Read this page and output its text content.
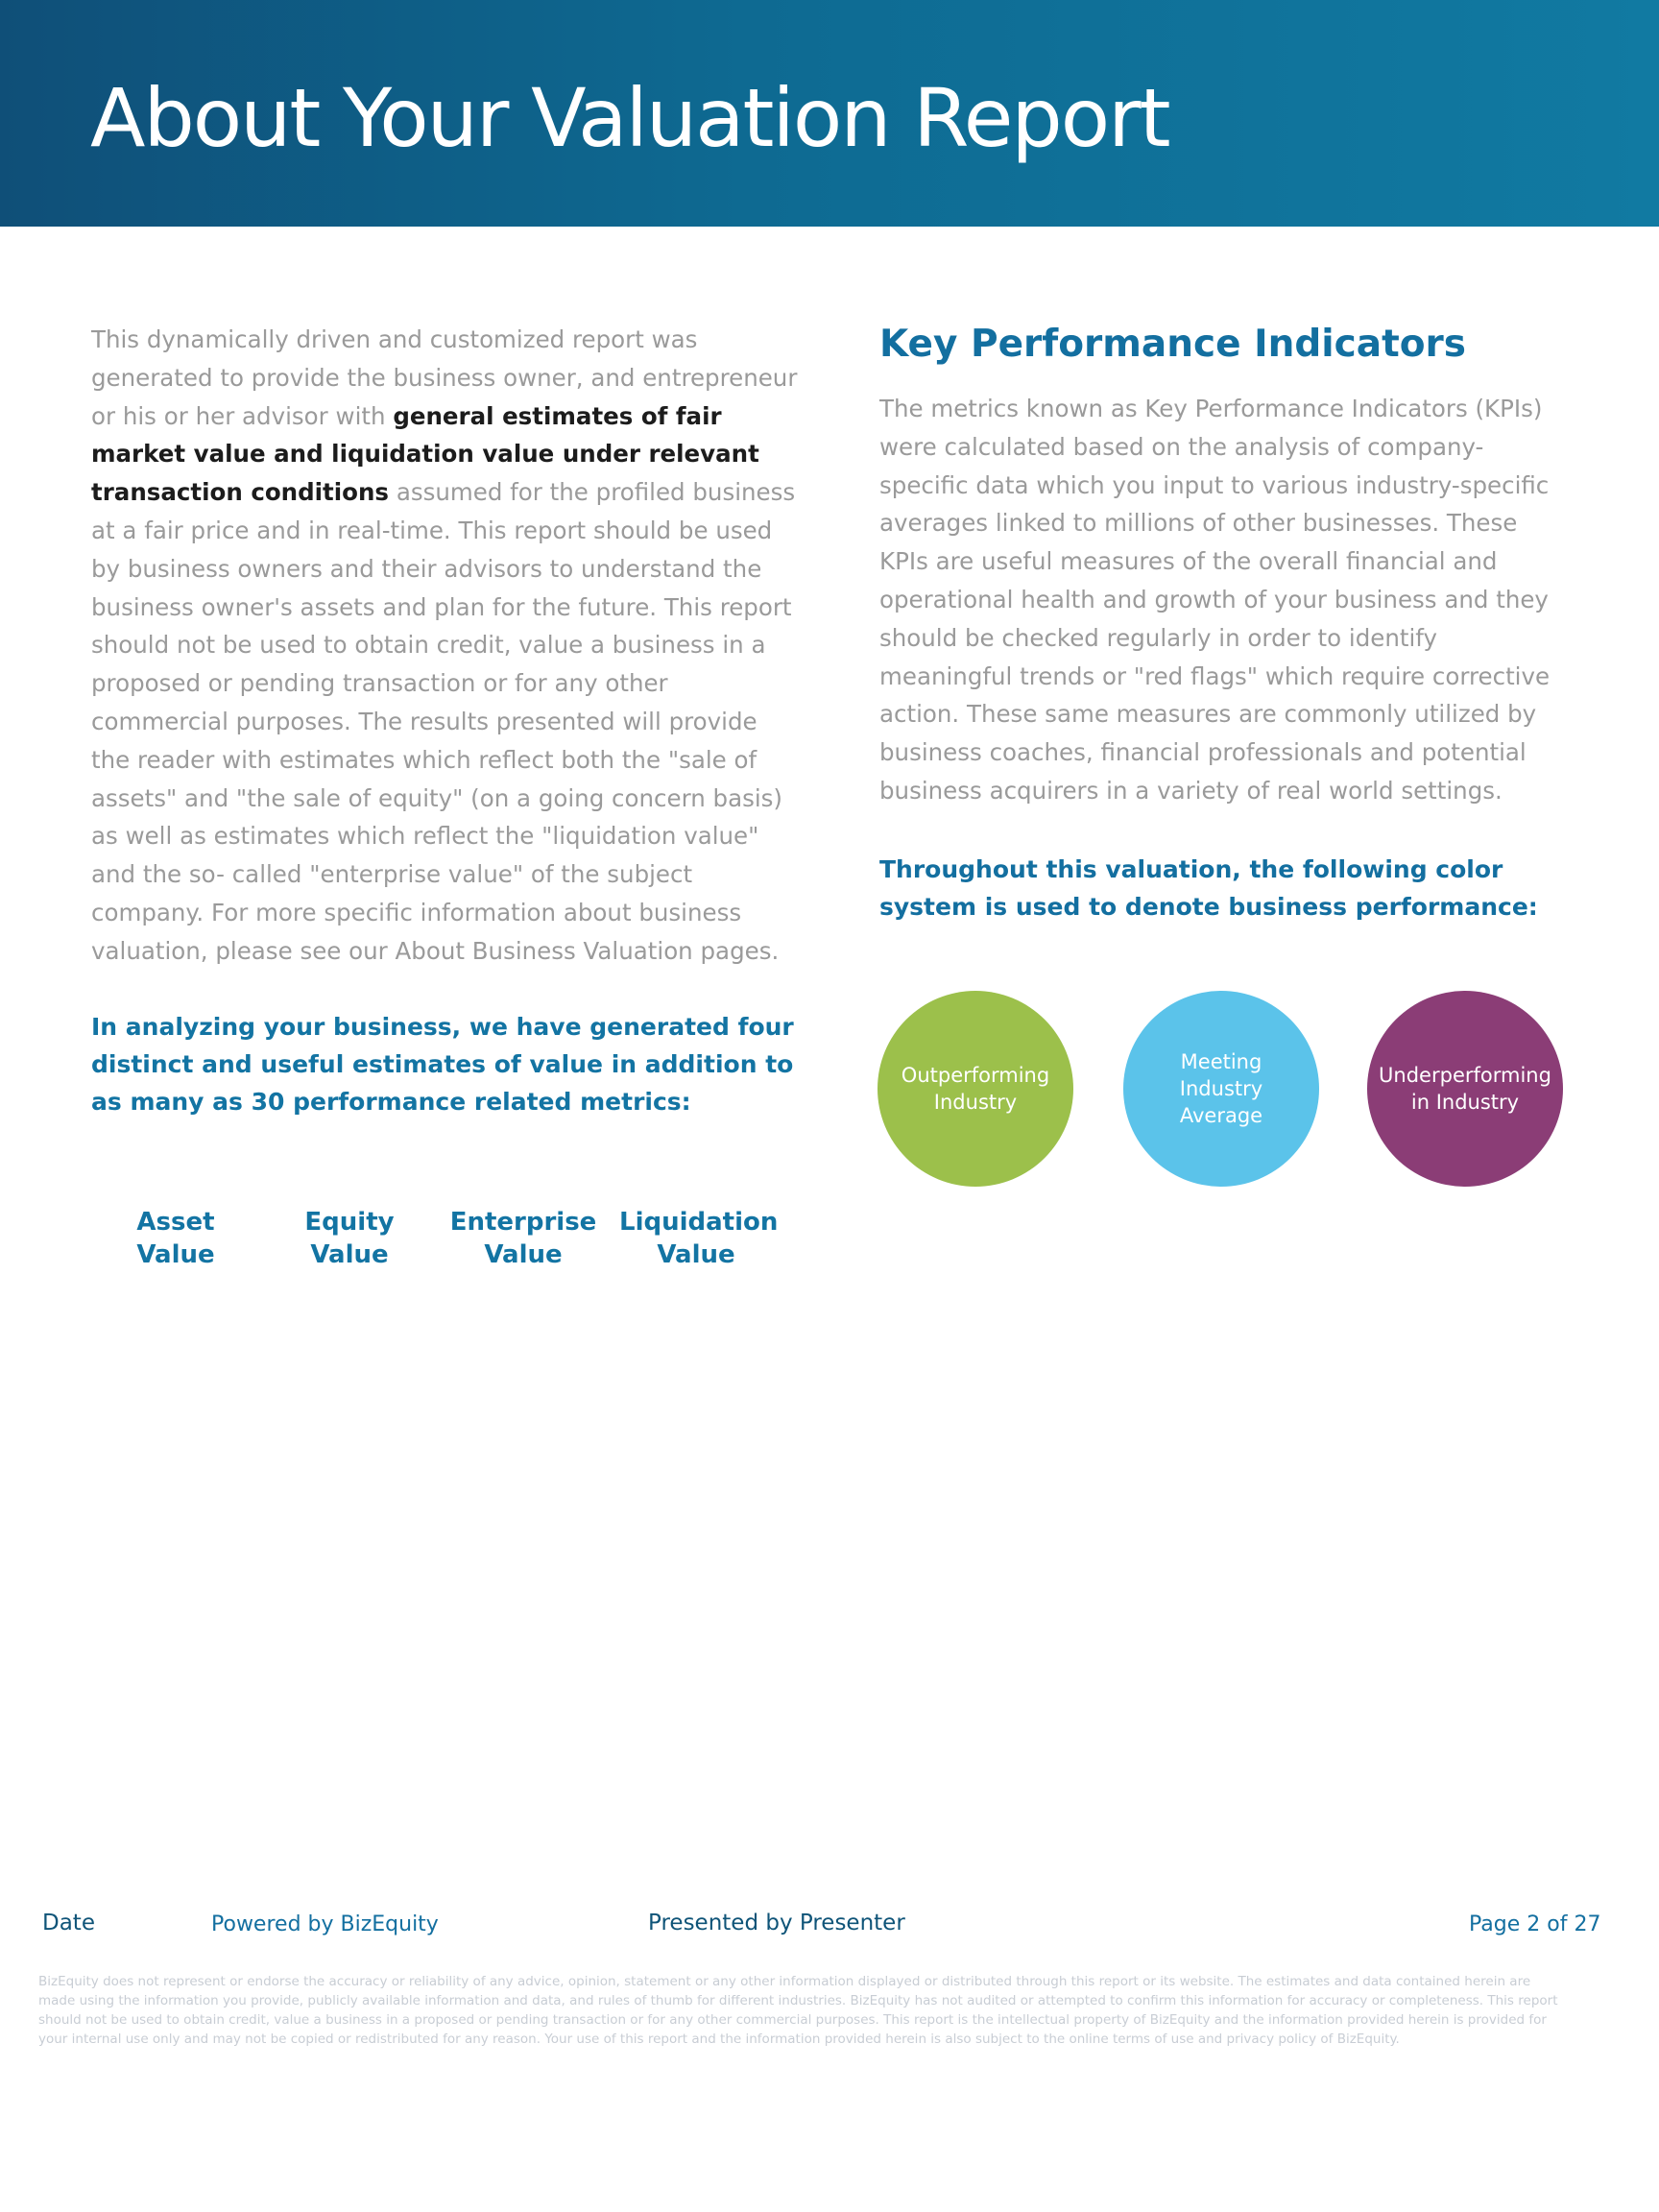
About Your Valuation Report

This dynamically driven and customized report was generated to provide the business owner, and entrepreneur or his or her advisor with general estimates of fair market value and liquidation value under relevant transaction conditions assumed for the profiled business at a fair price and in real-time. This report should be used by business owners and their advisors to understand the business owner's assets and plan for the future. This report should not be used to obtain credit, value a business in a proposed or pending transaction or for any other commercial purposes. The results presented will provide the reader with estimates which reflect both the "sale of assets" and "the sale of equity" (on a going concern basis) as well as estimates which reflect the "liquidation value" and the so- called "enterprise value" of the subject company. For more specific information about business valuation, please see our About Business Valuation pages.

In analyzing your business, we have generated four distinct and useful estimates of value in addition to as many as 30 performance related metrics:

Asset
Value
Equity
Value
Enterprise
Value
Liquidation
Value
Key Performance Indicators

The metrics known as Key Performance Indicators (KPIs) were calculated based on the analysis of company-specific data which you input to various industry-specific averages linked to millions of other businesses. These KPIs are useful measures of the overall financial and operational health and growth of your business and they should be checked regularly in order to identify meaningful trends or "red flags" which require corrective action. These same measures are commonly utilized by business coaches, financial professionals and potential business acquirers in a variety of real world settings.

Throughout this valuation, the following color system is used to denote business performance:

Outperforming
Industry
Meeting
Industry
Average
Underperforming
in Industry
Date	Powered by BizEquity	Presented by Presenter	Page 2 of 27

BizEquity does not represent or endorse the accuracy or reliability of any advice, opinion, statement or any other information displayed or distributed through this report or its website. The estimates and data contained herein are made using the information you provide, publicly available information and data, and rules of thumb for different industries. BizEquity has not audited or attempted to confirm this information for accuracy or completeness. This report should not be used to obtain credit, value a business in a proposed or pending transaction or for any other commercial purposes. This report is the intellectual property of BizEquity and the information provided herein is provided for your internal use only and may not be copied or redistributed for any reason. Your use of this report and the information provided herein is also subject to the online terms of use and privacy policy of BizEquity.
